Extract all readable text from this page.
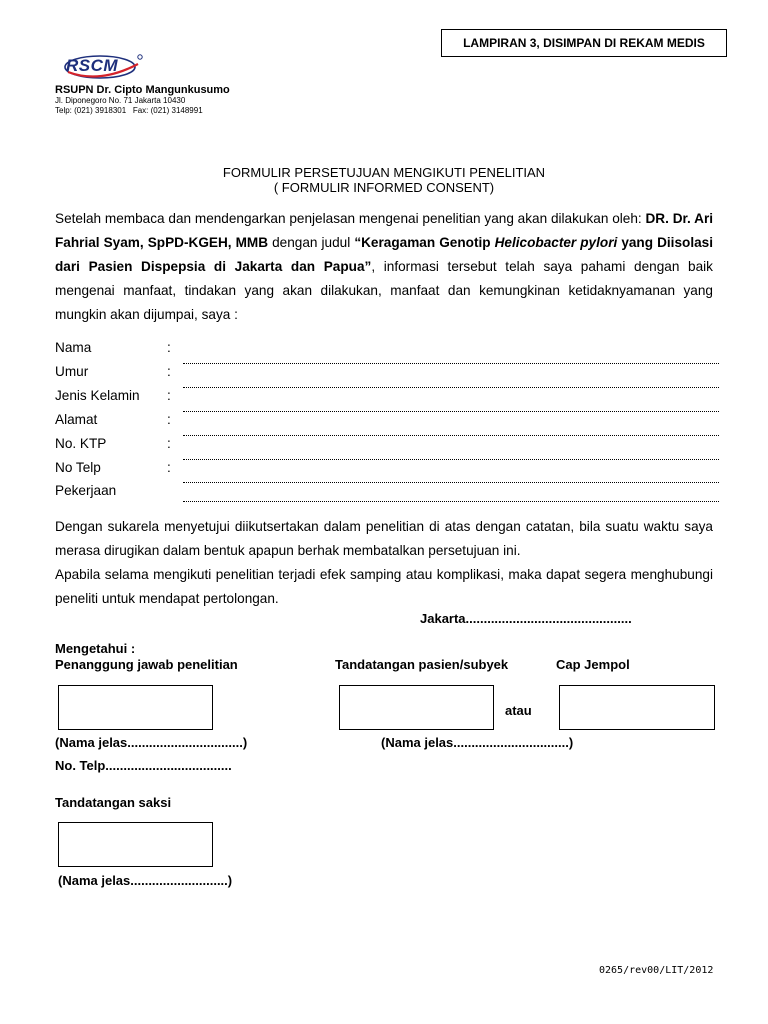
LAMPIRAN 3, DISIMPAN DI REKAM MEDIS
RSCM
RSUPN Dr. Cipto Mangunkusumo
Jl. Diponegoro No. 71 Jakarta 10430
Telp: (021) 3918301   Fax: (021) 3148991
FORMULIR PERSETUJUAN MENGIKUTI PENELITIAN
( FORMULIR INFORMED CONSENT)
Setelah membaca dan mendengarkan penjelasan mengenai penelitian yang akan dilakukan oleh: DR. Dr. Ari Fahrial Syam, SpPD-KGEH, MMB dengan judul “Keragaman Genotip Helicobacter pylori yang Diisolasi dari Pasien Dispepsia di Jakarta dan Papua”, informasi tersebut telah saya pahami dengan baik mengenai manfaat, tindakan yang akan dilakukan, manfaat dan kemungkinan ketidaknyamanan yang mungkin akan dijumpai, saya :
Nama	:
Umur	:
Jenis Kelamin :
Alamat	:
No. KTP	:
No Telp	:
Pekerjaan
Dengan sukarela menyetujui diikutsertakan dalam penelitian di atas dengan catatan, bila suatu waktu saya merasa dirugikan dalam bentuk apapun berhak membatalkan persetujuan ini.
Apabila selama mengikuti penelitian terjadi efek samping atau komplikasi, maka dapat segera menghubungi peneliti untuk mendapat pertolongan.
Jakarta..............................................
Mengetahui :
Penanggung jawab penelitian	Tandatangan pasien/subyek	Cap Jempol
atau
(Nama jelas................................)	(Nama jelas................................)
No. Telp...................................
Tandatangan saksi
(Nama jelas...........................)
0265/rev00/LIT/2012
